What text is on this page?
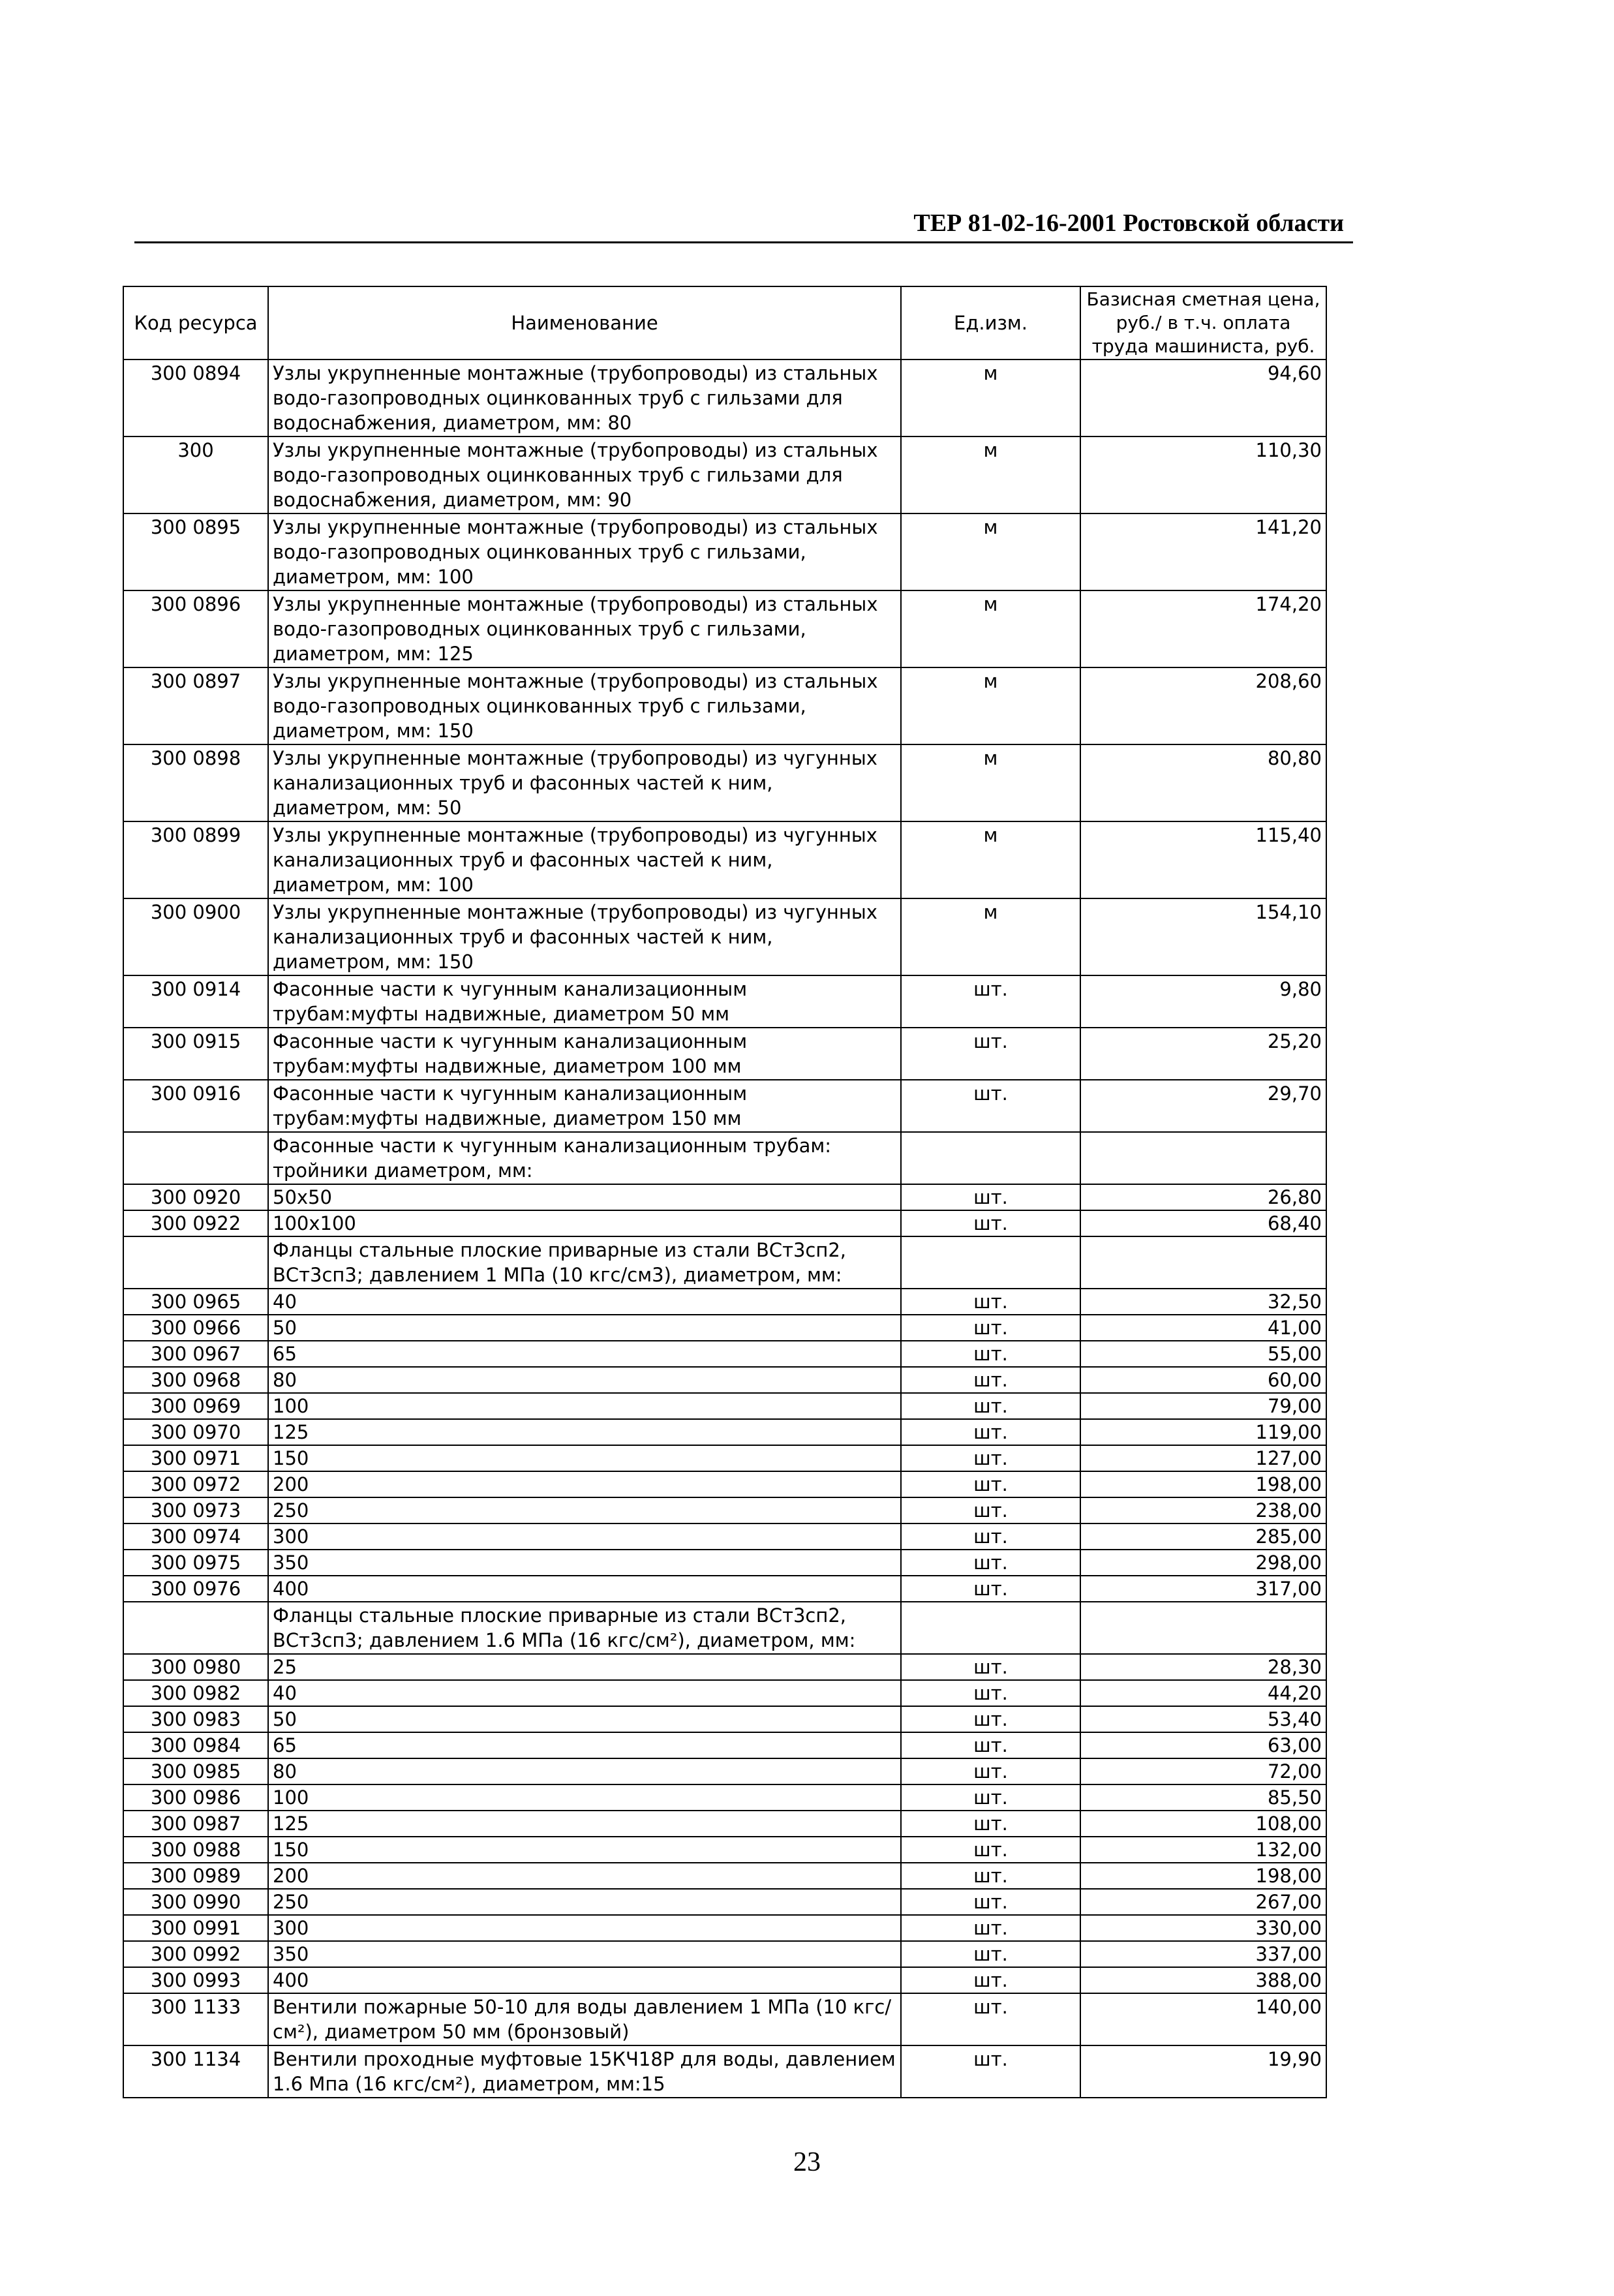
ТЕР 81-02-16-2001 Ростовской области
Код ресурса	Наименование	Ед.изм.	Базисная сметная цена, руб./ в т.ч. оплата труда машиниста, руб.
300 0894	Узлы укрупненные монтажные (трубопроводы) из стальных водо-газопроводных оцинкованных труб с гильзами для водоснабжения, диаметром, мм: 80	м	94,60
300	Узлы укрупненные монтажные (трубопроводы) из стальных водо-газопроводных оцинкованных труб с гильзами для водоснабжения, диаметром, мм: 90	м	110,30
300 0895	Узлы укрупненные монтажные (трубопроводы) из стальных водо-газопроводных оцинкованных труб с гильзами, диаметром, мм: 100	м	141,20
300 0896	Узлы укрупненные монтажные (трубопроводы) из стальных водо-газопроводных оцинкованных труб с гильзами, диаметром, мм: 125	м	174,20
300 0897	Узлы укрупненные монтажные (трубопроводы) из стальных водо-газопроводных оцинкованных труб с гильзами, диаметром, мм: 150	м	208,60
300 0898	Узлы укрупненные монтажные (трубопроводы) из чугунных канализационных труб и фасонных частей к ним, диаметром, мм: 50	м	80,80
300 0899	Узлы укрупненные монтажные (трубопроводы) из чугунных канализационных труб и фасонных частей к ним, диаметром, мм: 100	м	115,40
300 0900	Узлы укрупненные монтажные (трубопроводы) из чугунных канализационных труб и фасонных частей к ним, диаметром, мм: 150	м	154,10
300 0914	Фасонные части к чугунным канализационным трубам:муфты надвижные, диаметром 50 мм	шт.	9,80
300 0915	Фасонные части к чугунным канализационным трубам:муфты надвижные, диаметром 100 мм	шт.	25,20
300 0916	Фасонные части к чугунным канализационным трубам:муфты надвижные, диаметром 150 мм	шт.	29,70
	Фасонные части к чугунным канализационным трубам: тройники диаметром, мм:		
300 0920	50x50	шт.	26,80
300 0922	100x100	шт.	68,40
	Фланцы стальные плоские приварные из стали ВСт3сп2, ВСт3сп3; давлением 1 МПа (10 кгс/см3), диаметром, мм:		
300 0965	40	шт.	32,50
300 0966	50	шт.	41,00
300 0967	65	шт.	55,00
300 0968	80	шт.	60,00
300 0969	100	шт.	79,00
300 0970	125	шт.	119,00
300 0971	150	шт.	127,00
300 0972	200	шт.	198,00
300 0973	250	шт.	238,00
300 0974	300	шт.	285,00
300 0975	350	шт.	298,00
300 0976	400	шт.	317,00
	Фланцы стальные плоские приварные из стали ВСт3сп2, ВСт3сп3; давлением 1.6 МПа (16 кгс/см²), диаметром, мм:		
300 0980	25	шт.	28,30
300 0982	40	шт.	44,20
300 0983	50	шт.	53,40
300 0984	65	шт.	63,00
300 0985	80	шт.	72,00
300 0986	100	шт.	85,50
300 0987	125	шт.	108,00
300 0988	150	шт.	132,00
300 0989	200	шт.	198,00
300 0990	250	шт.	267,00
300 0991	300	шт.	330,00
300 0992	350	шт.	337,00
300 0993	400	шт.	388,00
300 1133	Вентили пожарные 50-10 для воды давлением 1 МПа (10 кгс/см²), диаметром 50 мм (бронзовый)	шт.	140,00
300 1134	Вентили проходные муфтовые 15КЧ18Р для воды, давлением 1.6 Мпа (16 кгс/см²), диаметром, мм:15	шт.	19,90
23
